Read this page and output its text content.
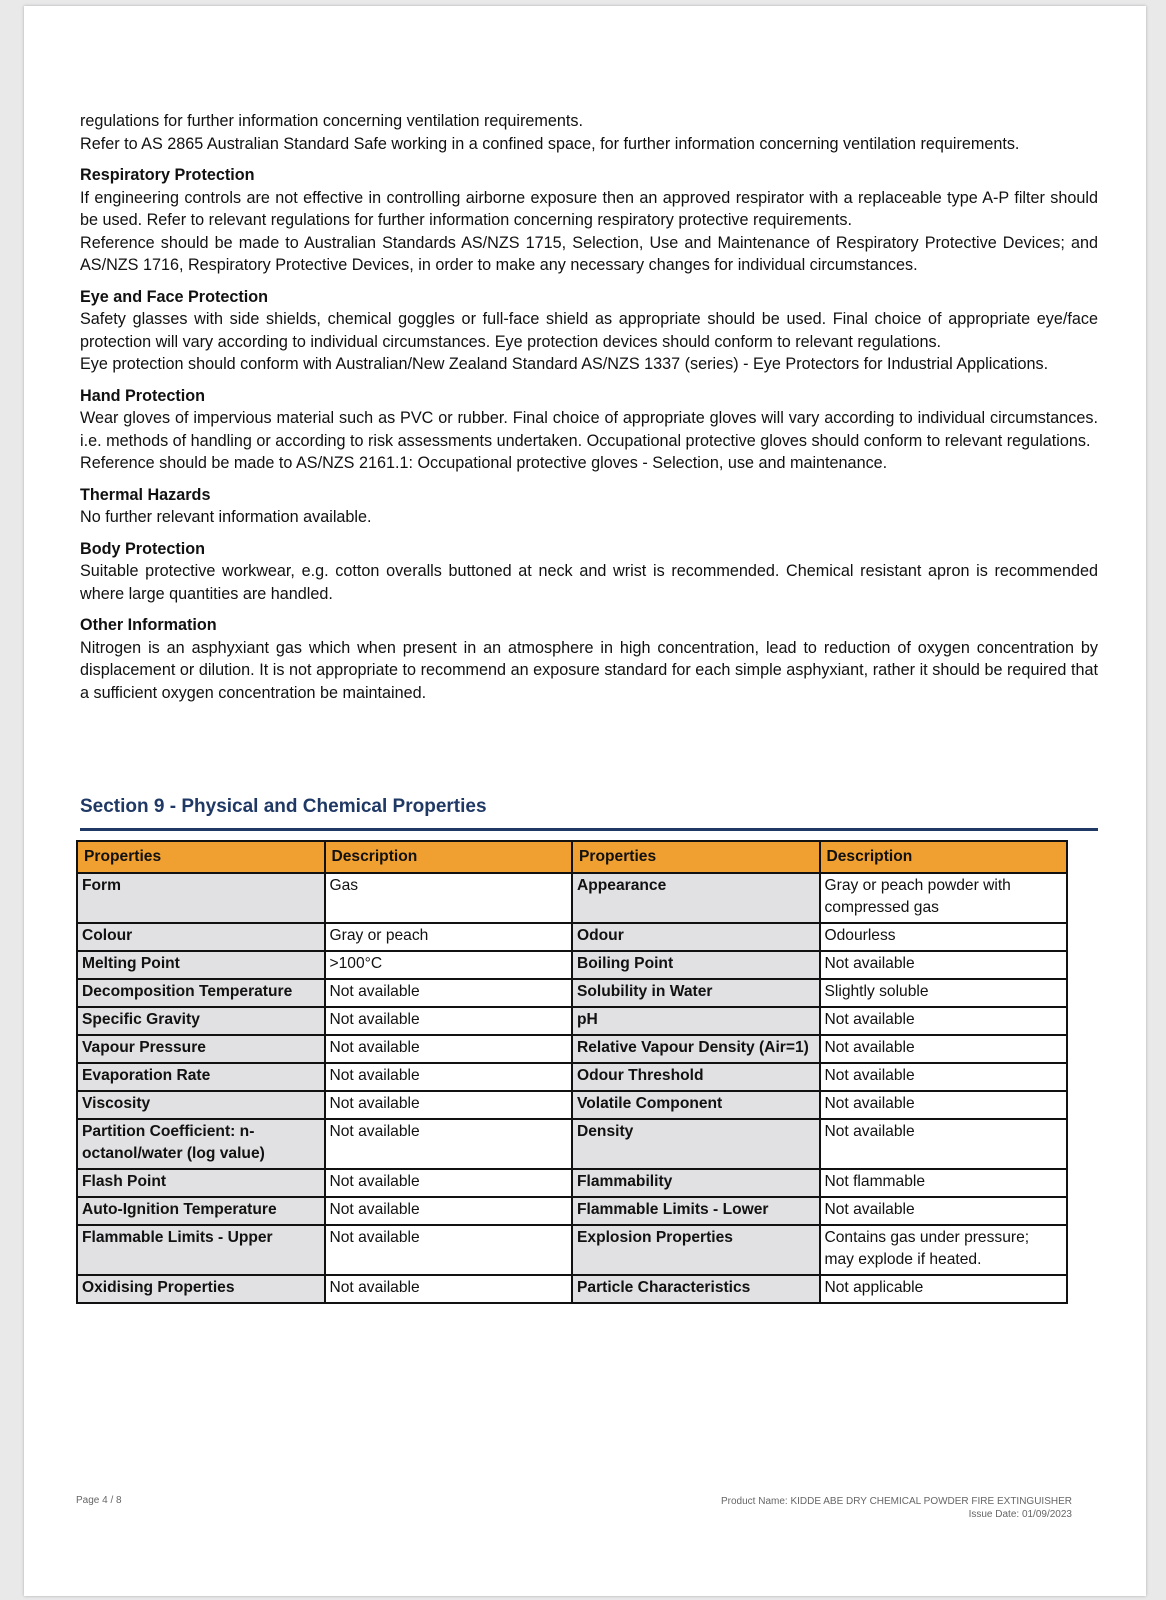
regulations for further information concerning ventilation requirements.

Refer to AS 2865 Australian Standard Safe working in a confined space, for further information concerning ventilation requirements.

Respiratory Protection

If engineering controls are not effective in controlling airborne exposure then an approved respirator with a replaceable type A-P filter should be used. Refer to relevant regulations for further information concerning respiratory protective requirements.

Reference should be made to Australian Standards AS/NZS 1715, Selection, Use and Maintenance of Respiratory Protective Devices; and AS/NZS 1716, Respiratory Protective Devices, in order to make any necessary changes for individual circumstances.

Eye and Face Protection

Safety glasses with side shields, chemical goggles or full-face shield as appropriate should be used. Final choice of appropriate eye/face protection will vary according to individual circumstances. Eye protection devices should conform to relevant regulations.

Eye protection should conform with Australian/New Zealand Standard AS/NZS 1337 (series) - Eye Protectors for Industrial Applications.

Hand Protection

Wear gloves of impervious material such as PVC or rubber. Final choice of appropriate gloves will vary according to individual circumstances. i.e. methods of handling or according to risk assessments undertaken. Occupational protective gloves should conform to relevant regulations.

Reference should be made to AS/NZS 2161.1: Occupational protective gloves - Selection, use and maintenance.

Thermal Hazards

No further relevant information available.

Body Protection

Suitable protective workwear, e.g. cotton overalls buttoned at neck and wrist is recommended. Chemical resistant apron is recommended where large quantities are handled.

Other Information

Nitrogen is an asphyxiant gas which when present in an atmosphere in high concentration, lead to reduction of oxygen concentration by displacement or dilution. It is not appropriate to recommend an exposure standard for each simple asphyxiant, rather it should be required that a sufficient oxygen concentration be maintained.

Section 9 - Physical and Chemical Properties
Properties	Description	Properties	Description
Form	Gas	Appearance	Gray or peach powder with compressed gas
Colour	Gray or peach	Odour	Odourless
Melting Point	>100°C	Boiling Point	Not available
Decomposition Temperature	Not available	Solubility in Water	Slightly soluble
Specific Gravity	Not available	pH	Not available
Vapour Pressure	Not available	Relative Vapour Density (Air=1)	Not available
Evaporation Rate	Not available	Odour Threshold	Not available
Viscosity	Not available	Volatile Component	Not available
Partition Coefficient: n-octanol/water (log value)	Not available	Density	Not available
Flash Point	Not available	Flammability	Not flammable
Auto-Ignition Temperature	Not available	Flammable Limits - Lower	Not available
Flammable Limits - Upper	Not available	Explosion Properties	Contains gas under pressure; may explode if heated.
Oxidising Properties	Not available	Particle Characteristics	Not applicable
Page 4 / 8	Product Name: KIDDE ABE DRY CHEMICAL POWDER FIRE EXTINGUISHER
Issue Date: 01/09/2023
